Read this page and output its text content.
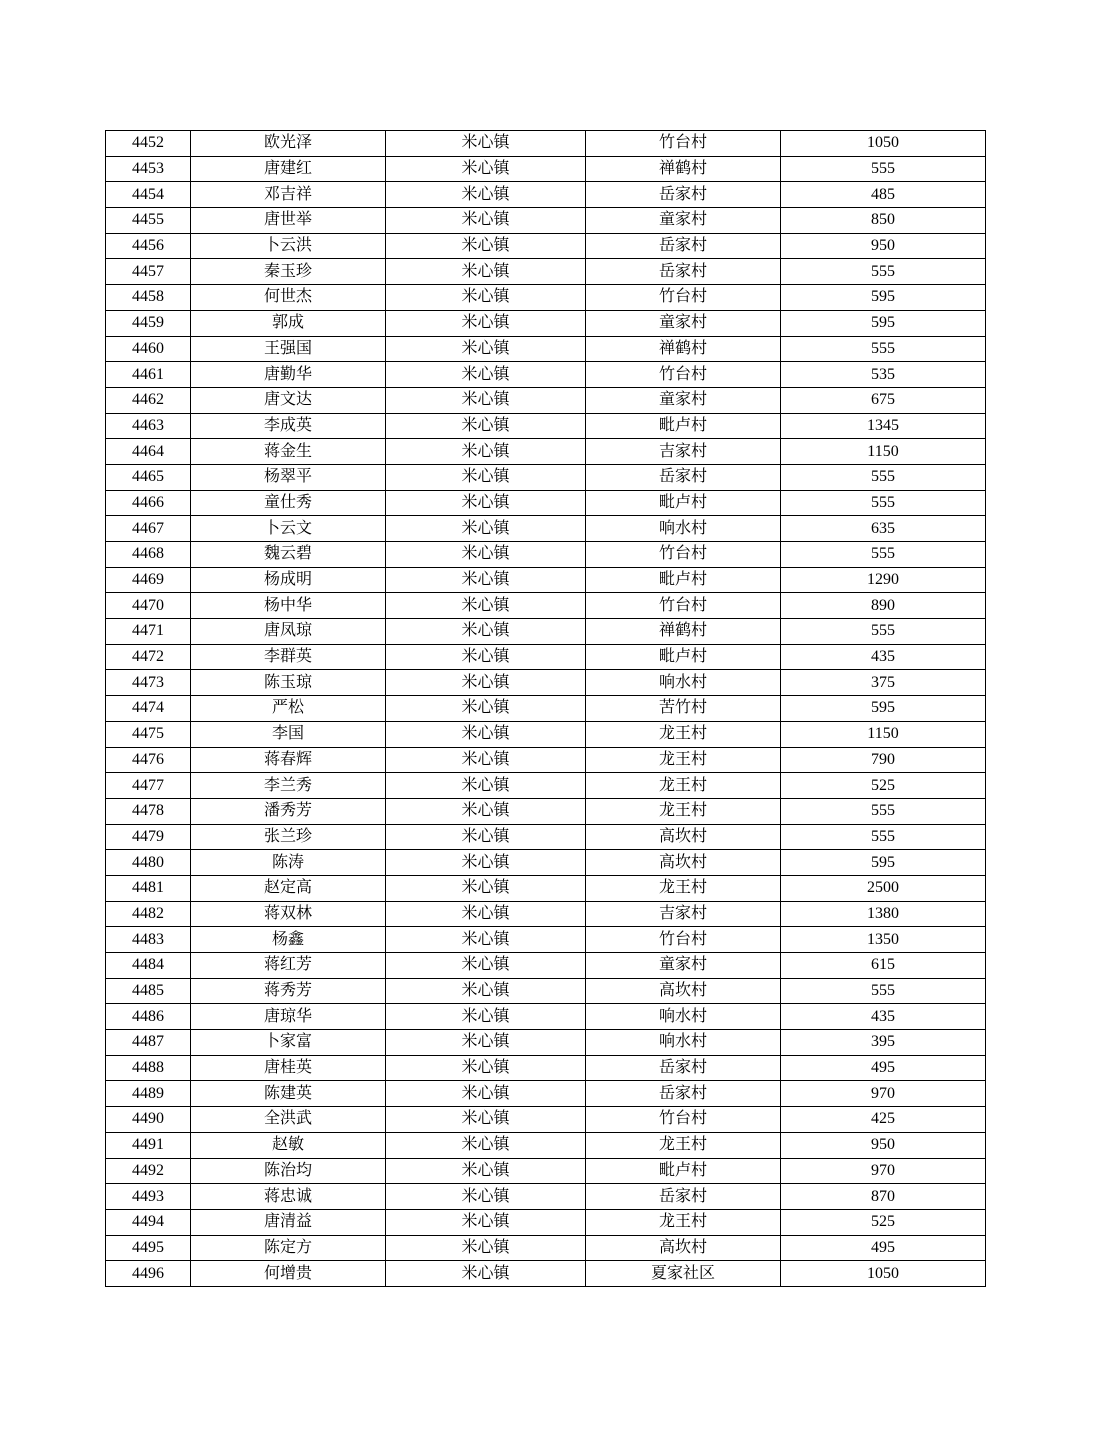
4452	欧光泽	米心镇	竹台村	1050
4453	唐建红	米心镇	禅鹤村	555
4454	邓吉祥	米心镇	岳家村	485
4455	唐世举	米心镇	童家村	850
4456	卜云洪	米心镇	岳家村	950
4457	秦玉珍	米心镇	岳家村	555
4458	何世杰	米心镇	竹台村	595
4459	郭成	米心镇	童家村	595
4460	王强国	米心镇	禅鹤村	555
4461	唐勤华	米心镇	竹台村	535
4462	唐文达	米心镇	童家村	675
4463	李成英	米心镇	毗卢村	1345
4464	蒋金生	米心镇	吉家村	1150
4465	杨翠平	米心镇	岳家村	555
4466	童仕秀	米心镇	毗卢村	555
4467	卜云文	米心镇	响水村	635
4468	魏云碧	米心镇	竹台村	555
4469	杨成明	米心镇	毗卢村	1290
4470	杨中华	米心镇	竹台村	890
4471	唐凤琼	米心镇	禅鹤村	555
4472	李群英	米心镇	毗卢村	435
4473	陈玉琼	米心镇	响水村	375
4474	严松	米心镇	苦竹村	595
4475	李国	米心镇	龙王村	1150
4476	蒋春辉	米心镇	龙王村	790
4477	李兰秀	米心镇	龙王村	525
4478	潘秀芳	米心镇	龙王村	555
4479	张兰珍	米心镇	高坎村	555
4480	陈涛	米心镇	高坎村	595
4481	赵定高	米心镇	龙王村	2500
4482	蒋双林	米心镇	吉家村	1380
4483	杨鑫	米心镇	竹台村	1350
4484	蒋红芳	米心镇	童家村	615
4485	蒋秀芳	米心镇	高坎村	555
4486	唐琼华	米心镇	响水村	435
4487	卜家富	米心镇	响水村	395
4488	唐桂英	米心镇	岳家村	495
4489	陈建英	米心镇	岳家村	970
4490	全洪武	米心镇	竹台村	425
4491	赵敏	米心镇	龙王村	950
4492	陈治均	米心镇	毗卢村	970
4493	蒋忠诚	米心镇	岳家村	870
4494	唐清益	米心镇	龙王村	525
4495	陈定方	米心镇	高坎村	495
4496	何增贵	米心镇	夏家社区	1050
